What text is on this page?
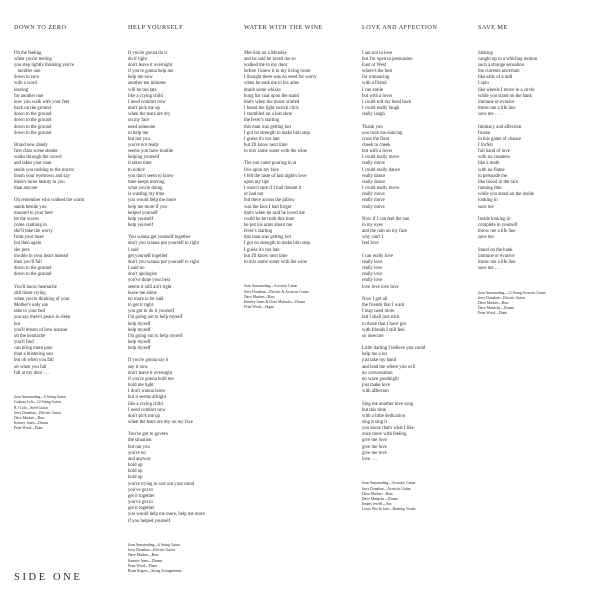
DOWN TO ZERO

Oh the feeling
when you're reeling
you step lightly thinking you're
number one
down to zero
with a word
leaving
for another one
now you walk with your feet
back on the ground
down to the ground
down to the ground
down to the ground
down to the ground

Brand new dandy
first class scene stealer
walks through the crowd
and takes your man
sends you rushing to the mirror
brush your eyebrows and say
there's more beauty in you
than anyone

Oh remember who walked the warm
sands beside you
moored to your heel
let the waves
come crashing in
she'll take the worry
from your head
but then again
she puts
trouble in your heart instead
then you'll fall
down to the ground
down to the ground

You'll know heartache
still more crying
when you're thinking of your
Mother's only son
take to your bed
you say there's peace in sleep
but
you'll dream of love instead
oh the heartache
you'll find
can bring more pain
than a blistering sun
but oh when you fall
oh when you fall
fall at my door . . .

Joan Armatrading—6 String Guitar
Graham Lyle—12 String Guitar
B J Cole—Steel Guitar
Jerry Donahue—Electric Guitar
Dave Markee—Bass
Kenney Jones—Drums
Peter Wood—Piano

HELP YOURSELF

If you're gonna do it
do it right
don't leave it overnight
if you're gonna help me
help me now
another ten minutes
will be too late
like a crying child
I need comfort now
don't pick me up
when the tears are dry
on my face
need someone
to help me
but not you
you're not ready
seems you have trouble
helping yourself
it takes time
to notice
you don't seem to know
time keeps moving
what you're doing
is wasting my time
you would help me more
help me more if you
helped yourself
help yourself
help yourself

You wanna get yourself together
don't you wanna put yourself to right
I said
get yourself together
don't you wanna put yourself to right
I said no
don't apologise
you've done your best
seems it still ain't right
leave me alone
no more to be said
to get it right
you got to do it yourself
I'm going out to help myself
help myself
help myself
I'm going out to help myself
help myself
help myself

If you're gonna say it
say it now
don't leave it overnight
if you're gonna hold me
hold me tight
I don't wanna leave
but it seems allright
like a crying child
I need comfort now
don't pick me up
when the tears are dry on my face

You've got to govern
the situation
but not you
you're no
and anyway
hold up
hold up
hold up
you're trying to sort out your mind
you've got to
get it together
you've got to
get it together
you would help me more, help me more
if you helped yourself

Joan Armatrading—6 String Guitar
Jerry Donahue—Electric Guitar
Dave Markee—Bass
Kenney Jones—Drums
Peter Wood—Piano
Brian Rogers—String Arrangements

WATER WITH THE WINE

Met him on a Monday
and he said he loved me so
walked me to my door
before I knew it to my living room
I thought there was no need for worry
when he took me in his arms
drank some whisky
hung his coat upon the stand
that's when the music started
I heard the light switch click
I stumbled on a lost shoe
the fever's starting
this man was getting hot
I got no strength to make him stop
I guess it's too late
but I'll know next time
to mix some water with the wine

The sun came pouring in at
five upon my face
I felt the taste of last night's love
upon my lips
I wasn't sure if I had dreamt it
or had not
but there across the pillow
was the face I had forgot
that's when he said he loved me
could he be truth this time
he put his arms about me
fever's starting
this man was getting hot
I got no strength to make him stop
I guess it's too late
but I'll know next time
to mix some water with the wine

Joan Armatrading—Acoustic Guitar
Jerry Donahue—Electric & Acoustic Guitar
Dave Markee—Bass
Kenney Jones & Dave Mattacks—Drums
Peter Wood—Organ

LOVE AND AFFECTION

I am not in love
but I'm open to persuasion
East or West
where's the best
for romancing
with a friend
I can smile
but with a lover
I could roll my head back
I could really laugh
really laugh

Thank you
you took me dancing
cross the floor
cheek to cheek
but with a lover
I could really move
really move
I could really dance
really dance
really dance
I could really move
really move
really move
really move

Now if I can feel the sun
in my eyes
and the rain on my face
why can't I
feel love

I can really love
really love
really love
really love
really love
love love love love

Now I got all
the friends that I want
I may need more
but I shall just stick
to those that I have got
with friends I still feel
so insecure

Little darling I believe you could
help me a lot
just take my hand
and lead me where you will
no conversation
no wave goodnight
just make love
with affection

Sing me another love song
but this time
with a little dedication
sing it sing it
you know that's what I like
once more with feeling
give me love
give me love
give me love
love . . .

Joan Armatrading—Acoustic Guitar
Jerry Donahue—Acoustic Guitar
Dave Markee—Bass
Dave Mattacks—Drums
Jimmy Jewell—Sax
Louw, Pitz & Jose—Backing Vocals

SAVE ME

Sinking
caught up in a whirling motion
such a strange sensation
the currents uncertain
like sails of a mill
I spin
like wheels I move in a circle
while you stand on the bank
immune or evasive
throw me a life line
save me . . .

Intimacy and affection
frozen
in this game of chance
I forfeit
full hand of love
with no counters
like a moth
with no flame
to persuade me
like blood in the rain
running thin
while you stand on the inside
looking in
save me

Inside looking in
complete in yourself
throw me a life line
save me

Stand on the bank
immune or evasive
throw me a life line
save me . . .

Joan Armatrading—12 String Acoustic Guitar
Jerry Donahue—Electric Guitar
Dave Markee—Bass
Dave Mattacks—Drums
Peter Wood—Piano

SIDE ONE
